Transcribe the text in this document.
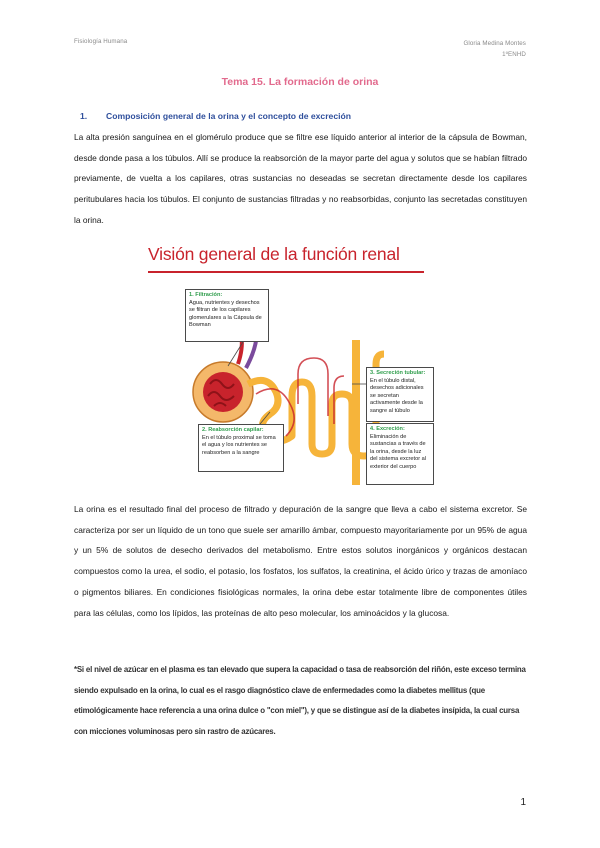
Fisiología Humana	Gloria Medina Montes
1ºENHD
Tema 15. La formación de orina
1. Composición general de la orina y el concepto de excreción

La alta presión sanguínea en el glomérulo produce que se filtre ese líquido anterior al interior de la cápsula de Bowman, desde donde pasa a los túbulos. Allí se produce la reabsorción de la mayor parte del agua y solutos que se habían filtrado previamente, de vuelta a los capilares, otras sustancias no deseadas se secretan directamente desde los capilares peritubulares hacia los túbulos. El conjunto de sustancias filtradas y no reabsorbidas, conjunto las secretadas constituyen la orina.

Visión general de la función renal
1. Filtración:
Agua, nutrientes y desechos se filtran de los capilares glomerulares a la Cápsula de Bowman
3. Secreción tubular:
En el túbulo distal, desechos adicionales se secretan activamente desde la sangre al túbulo
2. Reabsorción capilar:
En el túbulo proximal se toma el agua y los nutrientes se reabsorben a la sangre
4. Excreción:
Eliminación de sustancias a través de la orina, desde la luz del sistema excretor al exterior del cuerpo

La orina es el resultado final del proceso de filtrado y depuración de la sangre que lleva a cabo el sistema excretor. Se caracteriza por ser un líquido de un tono que suele ser amarillo ámbar, compuesto mayoritariamente por un 95% de agua y un 5% de solutos de desecho derivados del metabolismo. Entre estos solutos inorgánicos y orgánicos destacan compuestos como la urea, el sodio, el potasio, los fosfatos, los sulfatos, la creatinina, el ácido úrico y trazas de amoníaco o pigmentos biliares. En condiciones fisiológicas normales, la orina debe estar totalmente libre de componentes útiles para las células, como los lípidos, las proteínas de alto peso molecular, los aminoácidos y la glucosa.

*Si el nivel de azúcar en el plasma es tan elevado que supera la capacidad o tasa de reabsorción del riñón, este exceso termina siendo expulsado en la orina, lo cual es el rasgo diagnóstico clave de enfermedades como la diabetes mellitus (que etimológicamente hace referencia a una orina dulce o "con miel"), y que se distingue así de la diabetes insípida, la cual cursa con micciones voluminosas pero sin rastro de azúcares.

1
